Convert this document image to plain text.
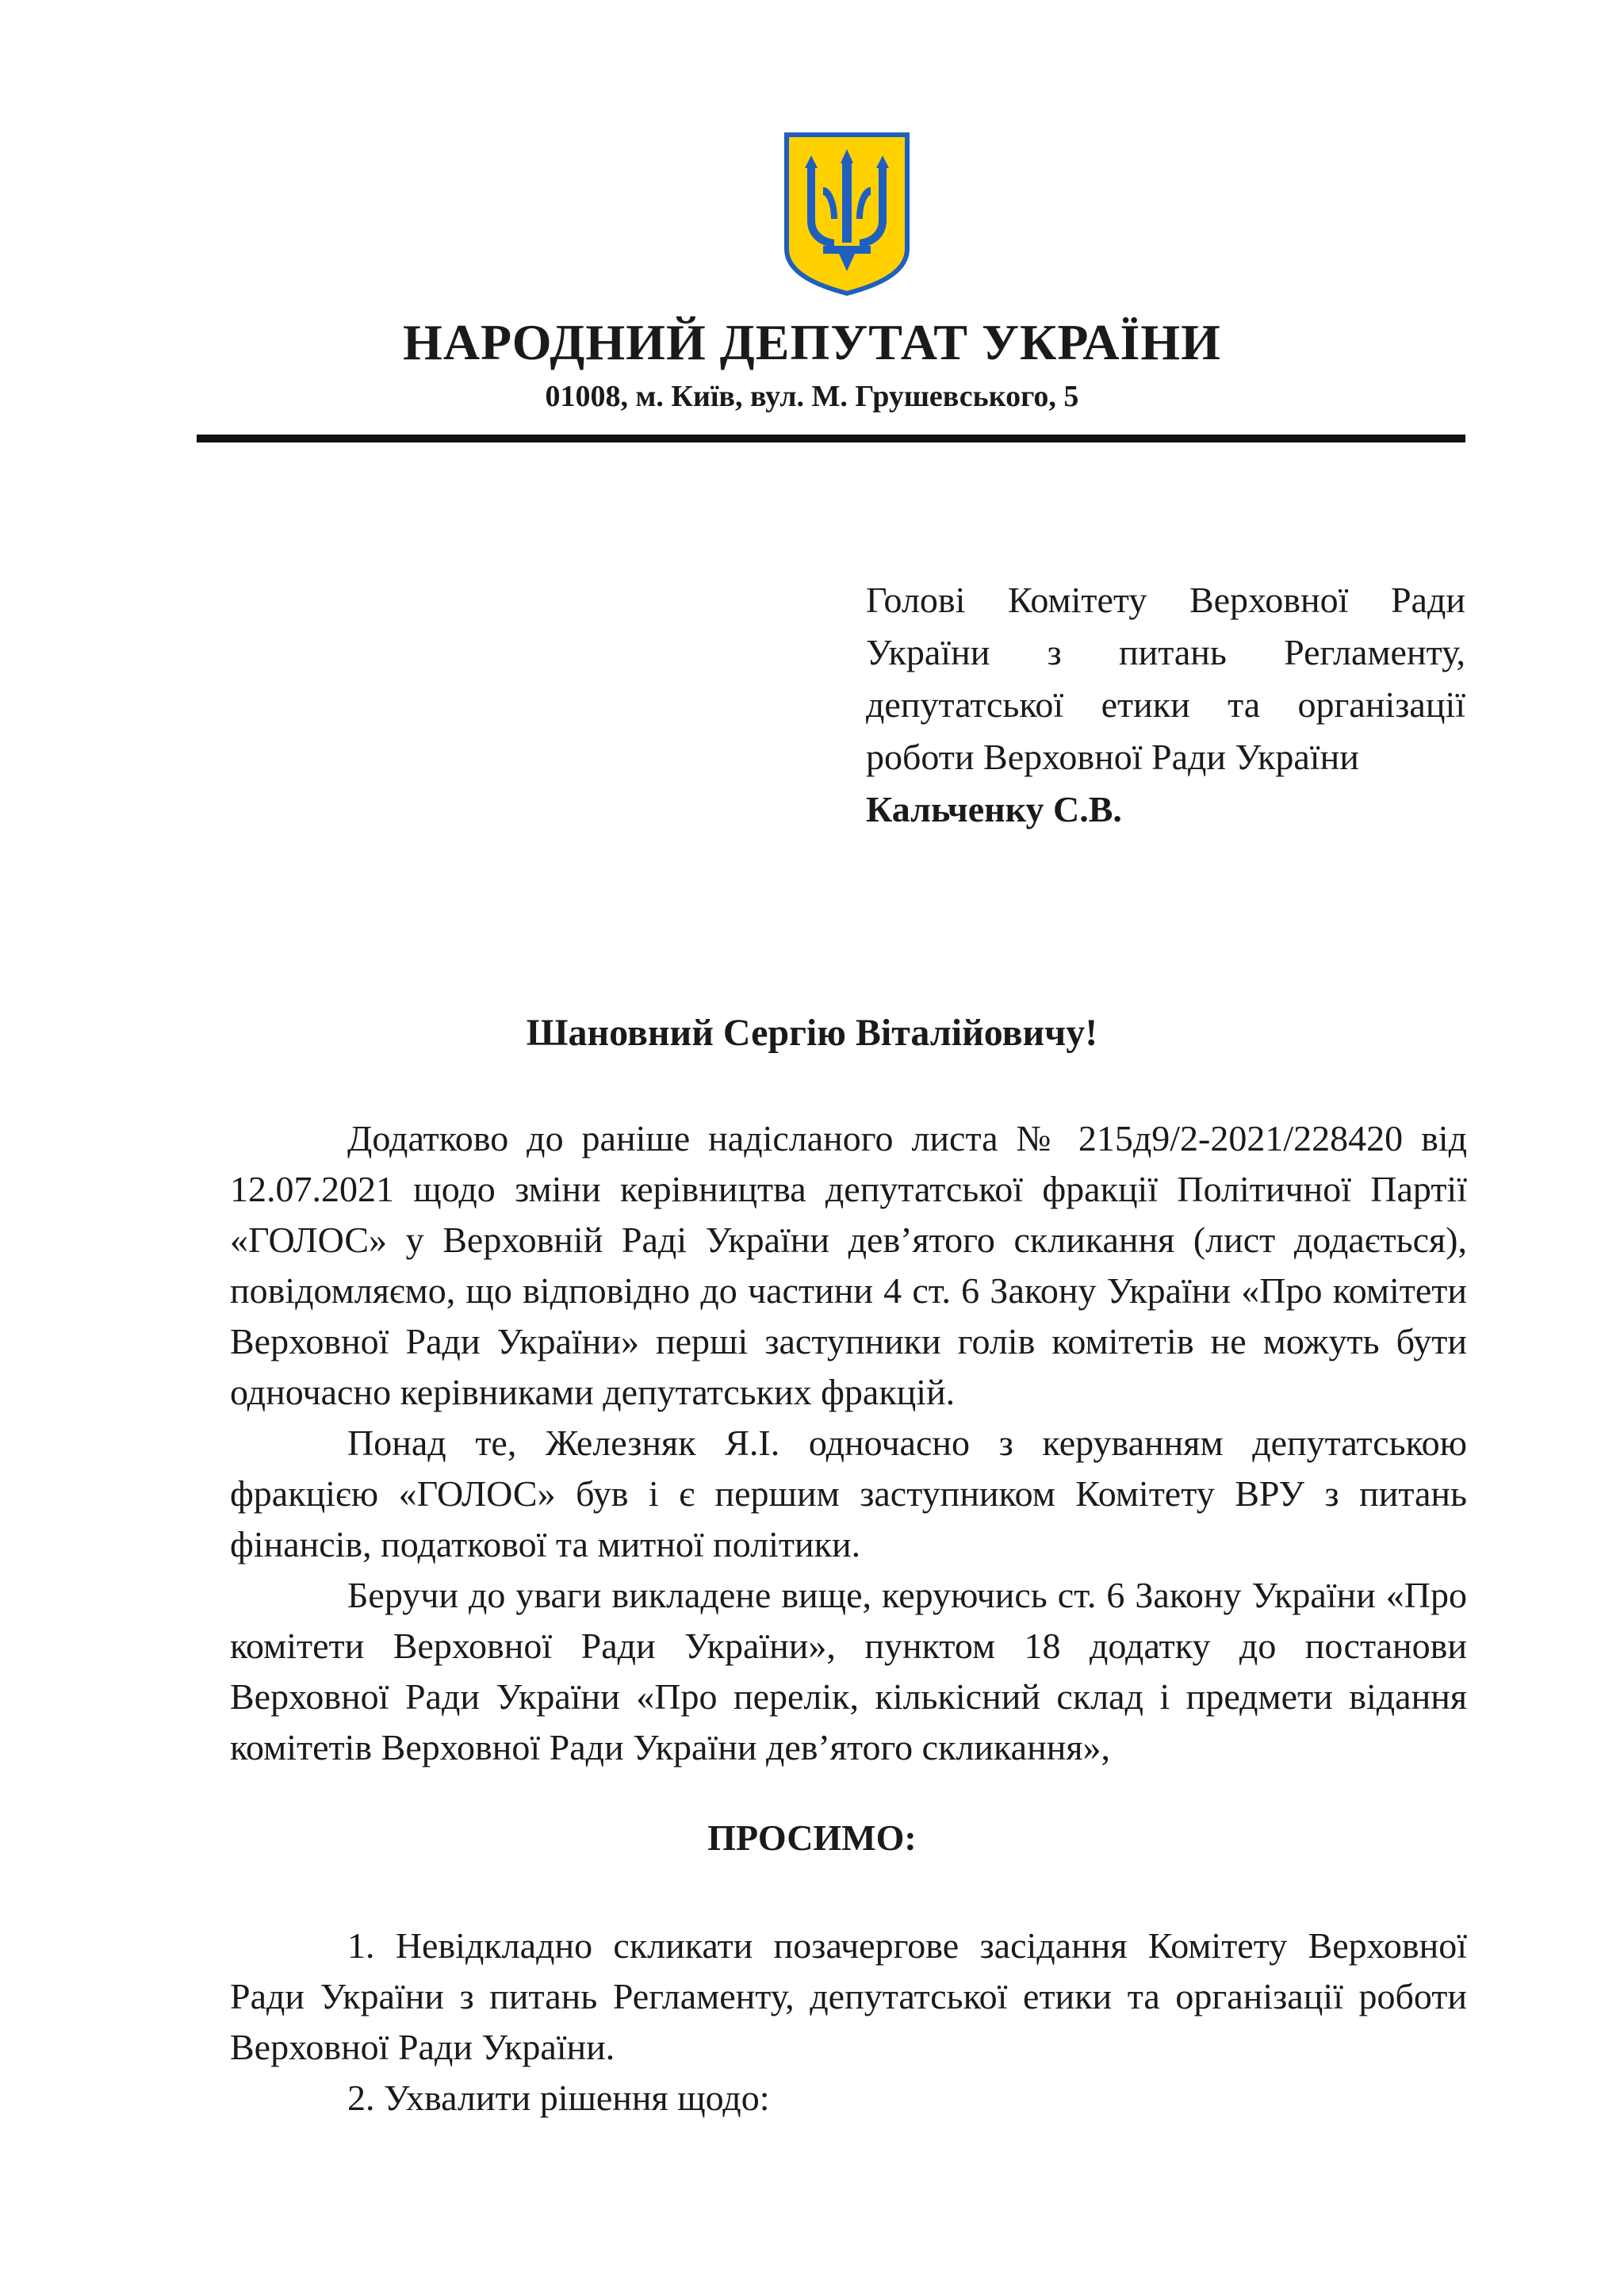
НАРОДНИЙ ДЕПУТАТ УКРАЇНИ
01008, м. Київ, вул. М. Грушевського, 5
Голові Комітету Верховної Ради
України з питань Регламенту,
депутатської етики та організації
роботи Верховної Ради України
Кальченку С.В.
Шановний Сергію Віталійовичу!

Додатково до раніше надісланого листа № 215д9/2-2021/228420 від 12.07.2021 щодо зміни керівництва депутатської фракції Політичної Партії «ГОЛОС» у Верховній Раді України дев’ятого скликання (лист додається), повідомляємо, що відповідно до частини 4 ст. 6 Закону України «Про комітети Верховної Ради України» перші заступники голів комітетів не можуть бути одночасно керівниками депутатських фракцій.

Понад те, Железняк Я.І. одночасно з керуванням депутатською фракцією «ГОЛОС» був і є першим заступником Комітету ВРУ з питань фінансів, податкової та митної політики.

Беручи до уваги викладене вище, керуючись ст. 6 Закону України «Про комітети Верховної Ради України», пунктом 18 додатку до постанови Верховної Ради України «Про перелік, кількісний склад і предмети відання комітетів Верховної Ради України дев’ятого скликання»,

ПРОСИМО:

1. Невідкладно скликати позачергове засідання Комітету Верховної Ради України з питань Регламенту, депутатської етики та організації роботи Верховної Ради України.

2. Ухвалити рішення щодо:
